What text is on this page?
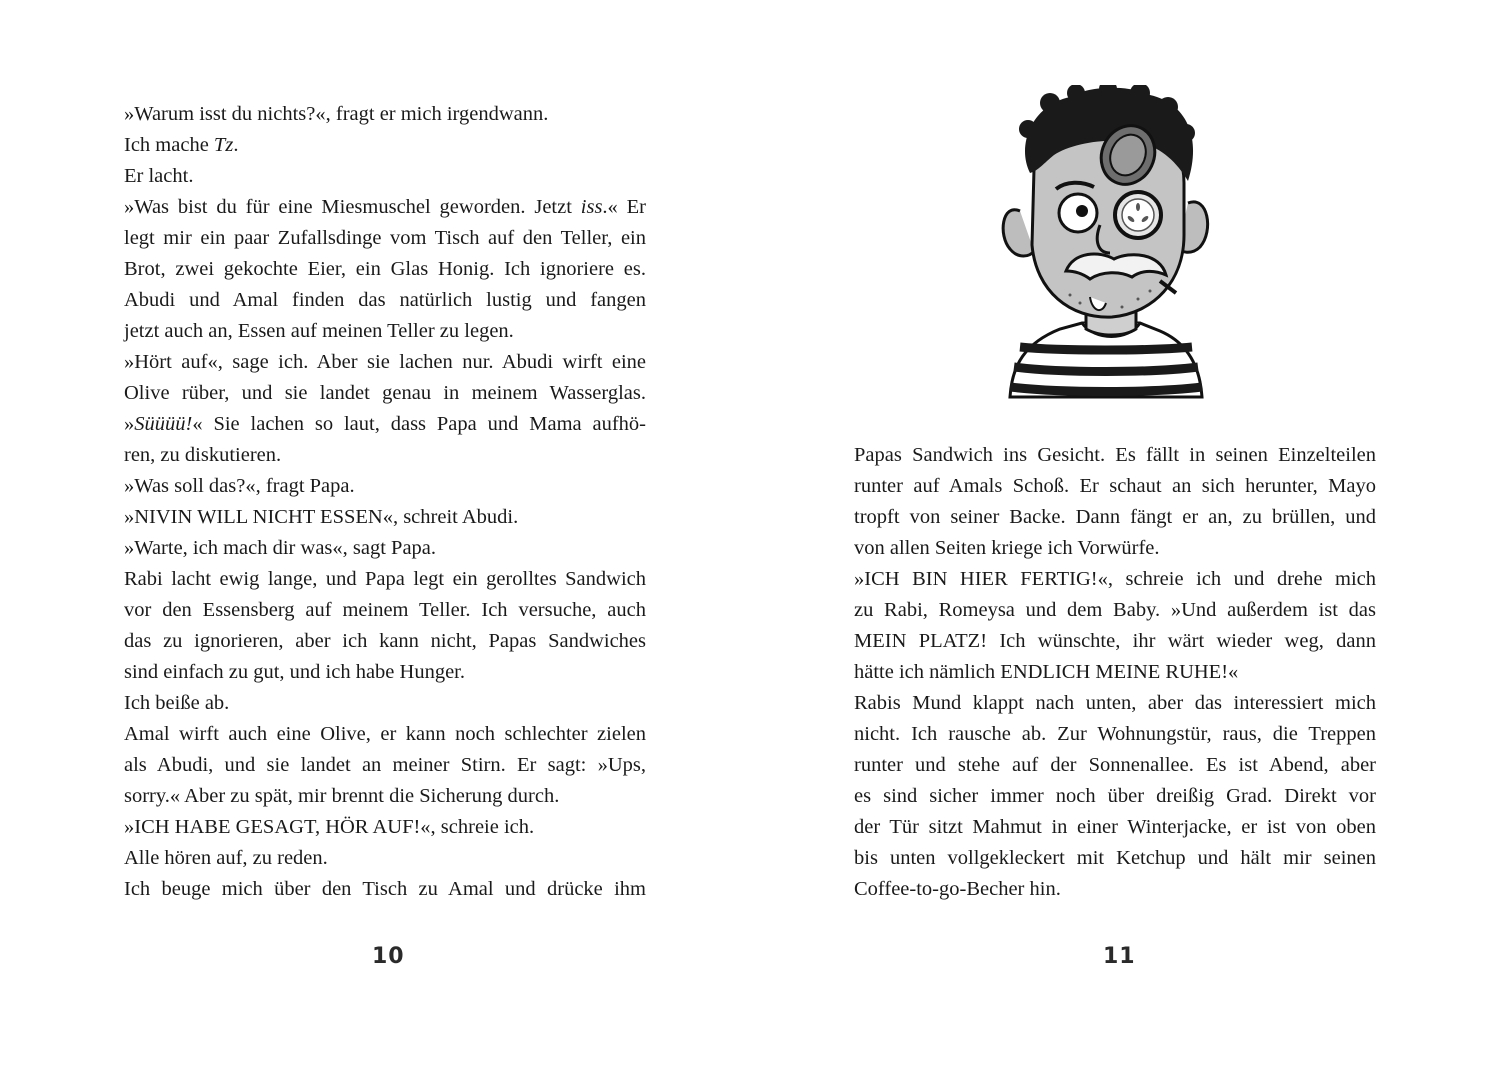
»Warum isst du nichts?«, fragt er mich irgendwann.
Ich mache Tz.
Er lacht.
»Was bist du für eine Miesmuschel geworden. Jetzt iss.« Er
legt mir ein paar Zufallsdinge vom Tisch auf den Teller, ein
Brot, zwei gekochte Eier, ein Glas Honig. Ich ignoriere es.
Abudi und Amal finden das natürlich lustig und fangen
jetzt auch an, Essen auf meinen Teller zu legen.
»Hört auf«, sage ich. Aber sie lachen nur. Abudi wirft eine
Olive rüber, und sie landet genau in meinem Wasserglas.
»Süüüü!« Sie lachen so laut, dass Papa und Mama aufhö-
ren, zu diskutieren.
»Was soll das?«, fragt Papa.
»NIVIN WILL NICHT ESSEN«, schreit Abudi.
»Warte, ich mach dir was«, sagt Papa.
Rabi lacht ewig lange, und Papa legt ein gerolltes Sandwich
vor den Essensberg auf meinem Teller. Ich versuche, auch
das zu ignorieren, aber ich kann nicht, Papas Sandwiches
sind einfach zu gut, und ich habe Hunger.
Ich beiße ab.
Amal wirft auch eine Olive, er kann noch schlechter zielen
als Abudi, und sie landet an meiner Stirn. Er sagt: »Ups,
sorry.« Aber zu spät, mir brennt die Sicherung durch.
»ICH HABE GESAGT, HÖR AUF!«, schreie ich.
Alle hören auf, zu reden.
Ich beuge mich über den Tisch zu Amal und drücke ihm
10
Papas Sandwich ins Gesicht. Es fällt in seinen Einzelteilen
runter auf Amals Schoß. Er schaut an sich herunter, Mayo
tropft von seiner Backe. Dann fängt er an, zu brüllen, und
von allen Seiten kriege ich Vorwürfe.
»ICH BIN HIER FERTIG!«, schreie ich und drehe mich
zu Rabi, Romeysa und dem Baby. »Und außerdem ist das
MEIN PLATZ! Ich wünschte, ihr wärt wieder weg, dann
hätte ich nämlich ENDLICH MEINE RUHE!«
Rabis Mund klappt nach unten, aber das interessiert mich
nicht. Ich rausche ab. Zur Wohnungstür, raus, die Treppen
runter und stehe auf der Sonnenallee. Es ist Abend, aber
es sind sicher immer noch über dreißig Grad. Direkt vor
der Tür sitzt Mahmut in einer Winterjacke, er ist von oben
bis unten vollgekleckert mit Ketchup und hält mir seinen
Coffee-to-go-Becher hin.
11
